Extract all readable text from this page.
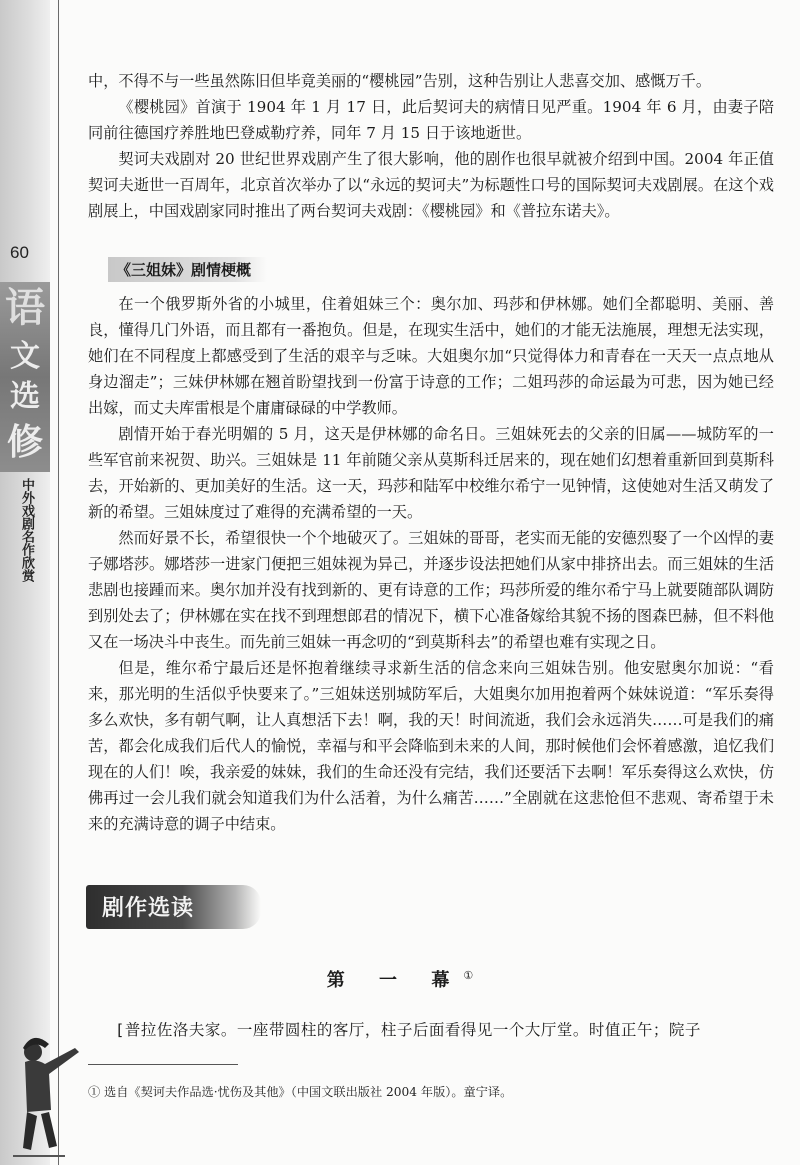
60
语
文
选
修
中外戏剧名作欣赏

中，不得不与一些虽然陈旧但毕竟美丽的“樱桃园”告别，这种告别让人悲喜交加、感慨万千。

《樱桃园》首演于 1904 年 1 月 17 日，此后契诃夫的病情日见严重。1904 年 6 月，由妻子陪同前往德国疗养胜地巴登威勒疗养，同年 7 月 15 日于该地逝世。

契诃夫戏剧对 20 世纪世界戏剧产生了很大影响，他的剧作也很早就被介绍到中国。2004 年正值契诃夫逝世一百周年，北京首次举办了以“永远的契诃夫”为标题性口号的国际契诃夫戏剧展。在这个戏剧展上，中国戏剧家同时推出了两台契诃夫戏剧：《樱桃园》和《普拉东诺夫》。

《三姐妹》剧情梗概

在一个俄罗斯外省的小城里，住着姐妹三个：奥尔加、玛莎和伊林娜。她们全都聪明、美丽、善良，懂得几门外语，而且都有一番抱负。但是，在现实生活中，她们的才能无法施展，理想无法实现，她们在不同程度上都感受到了生活的艰辛与乏味。大姐奥尔加“只觉得体力和青春在一天天一点点地从身边溜走”；三妹伊林娜在翘首盼望找到一份富于诗意的工作；二姐玛莎的命运最为可悲，因为她已经出嫁，而丈夫库雷根是个庸庸碌碌的中学教师。

剧情开始于春光明媚的 5 月，这天是伊林娜的命名日。三姐妹死去的父亲的旧属——城防军的一些军官前来祝贺、助兴。三姐妹是 11 年前随父亲从莫斯科迁居来的，现在她们幻想着重新回到莫斯科去，开始新的、更加美好的生活。这一天，玛莎和陆军中校维尔希宁一见钟情，这使她对生活又萌发了新的希望。三姐妹度过了难得的充满希望的一天。

然而好景不长，希望很快一个个地破灭了。三姐妹的哥哥，老实而无能的安德烈娶了一个凶悍的妻子娜塔莎。娜塔莎一进家门便把三姐妹视为异己，并逐步设法把她们从家中排挤出去。而三姐妹的生活悲剧也接踵而来。奥尔加并没有找到新的、更有诗意的工作；玛莎所爱的维尔希宁马上就要随部队调防到别处去了；伊林娜在实在找不到理想郎君的情况下，横下心准备嫁给其貌不扬的图森巴赫，但不料他又在一场决斗中丧生。而先前三姐妹一再念叨的“到莫斯科去”的希望也难有实现之日。

但是，维尔希宁最后还是怀抱着继续寻求新生活的信念来向三姐妹告别。他安慰奥尔加说：“看来，那光明的生活似乎快要来了。”三姐妹送别城防军后，大姐奥尔加用抱着两个妹妹说道：“军乐奏得多么欢快，多有朝气啊，让人真想活下去！啊，我的天！时间流逝，我们会永远消失……可是我们的痛苦，都会化成我们后代人的愉悦，幸福与和平会降临到未来的人间，那时候他们会怀着感激，追忆我们现在的人们！唉，我亲爱的妹妹，我们的生命还没有完结，我们还要活下去啊！军乐奏得这么欢快，仿佛再过一会儿我们就会知道我们为什么活着，为什么痛苦……”全剧就在这悲怆但不悲观、寄希望于未来的充满诗意的调子中结束。

剧作选读
第 一 幕①
[普拉佐洛夫家。一座带圆柱的客厅，柱子后面看得见一个大厅堂。时值正午；院子
① 选自《契诃夫作品选·忧伤及其他》（中国文联出版社 2004 年版）。童宁译。
